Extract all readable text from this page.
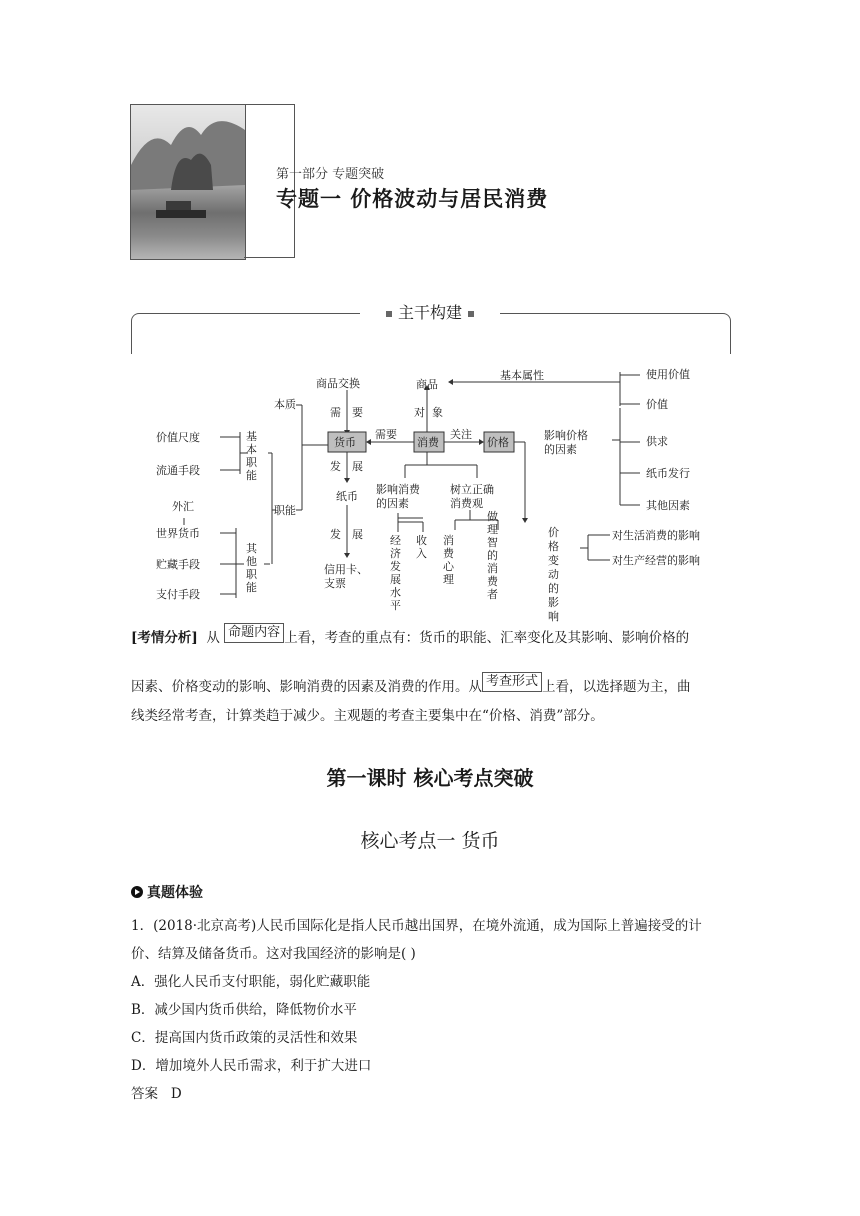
第一部分 专题突破
专题一 价格波动与居民消费
主干构建
货币	消费	价格
商品交换	商品
基本属性	使用价值
价值
本质
需 要	对 象
需要	关注	影响价格的因素
供求
纸币发行
其他因素
价值尺度
流通手段
基本职能
职能
外汇
世界货币
贮藏手段
支付手段
其他职能
发 展
纸币
发 展
信用卡、支票
影响消费的因素
树立正确消费观
经济发展水平
收入
消费心理
做理智的消费者
价格变动的影响
对生活消费的影响
对生产经营的影响
[考情分析] 从 命题内容 上看，考查的重点有：货币的职能、汇率变化及其影响、影响价格的
因素、价格变动的影响、影响消费的因素及消费的作用。从 考查形式 上看，以选择题为主，曲
线类经常考查，计算类趋于减少。主观题的考查主要集中在“价格、消费”部分。
第一课时 核心考点突破
核心考点一 货币
真题体验
1．(2018·北京高考)人民币国际化是指人民币越出国界，在境外流通，成为国际上普遍接受的计
价、结算及储备货币。这对我国经济的影响是( )
A．强化人民币支付职能，弱化贮藏职能
B．减少国内货币供给，降低物价水平
C．提高国内货币政策的灵活性和效果
D．增加境外人民币需求，利于扩大进口
答案 D
